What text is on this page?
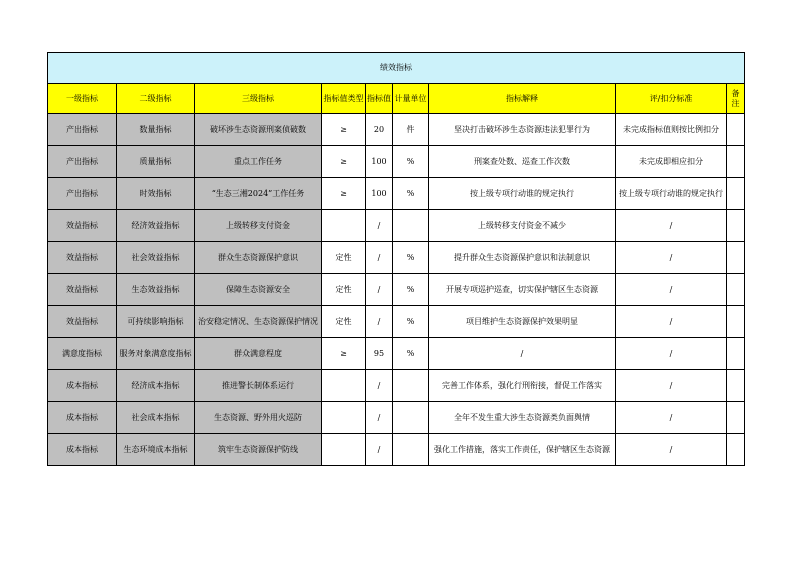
绩效指标								
一级指标	二级指标	三级指标	指标值类型	指标值	计量单位	指标解释	评/扣分标准	备注
产出指标	数量指标	破坏涉生态资源刑案侦破数	≥	20	件	坚决打击破坏涉生态资源违法犯罪行为	未完成指标值则按比例扣分	
产出指标	质量指标	重点工作任务	≥	100	%	刑案查处数、巡查工作次数	未完成即相应扣分	
产出指标	时效指标	“生态三湘2024”工作任务	≥	100	%	按上级专项行动谁的规定执行	按上级专项行动谁的规定执行	
效益指标	经济效益指标	上级转移支付资金		/		上级转移支付资金不减少	/	
效益指标	社会效益指标	群众生态资源保护意识	定性	/	%	提升群众生态资源保护意识和法制意识	/	
效益指标	生态效益指标	保障生态资源安全	定性	/	%	开展专项巡护巡查，切实保护辖区生态资源	/	
效益指标	可持续影响指标	治安稳定情况、生态资源保护情况	定性	/	%	项目维护生态资源保护效果明显	/	
满意度指标	服务对象满意度指标	群众满意程度	≥	95	%	/	/	
成本指标	经济成本指标	推进警长制体系运行		/		完善工作体系，强化行刑衔接，督促工作落实	/	
成本指标	社会成本指标	生态资源、野外用火巡防		/		全年不发生重大涉生态资源类负面舆情	/	
成本指标	生态环境成本指标	筑牢生态资源保护防线		/		强化工作措施，落实工作责任，保护辖区生态资源	/	
